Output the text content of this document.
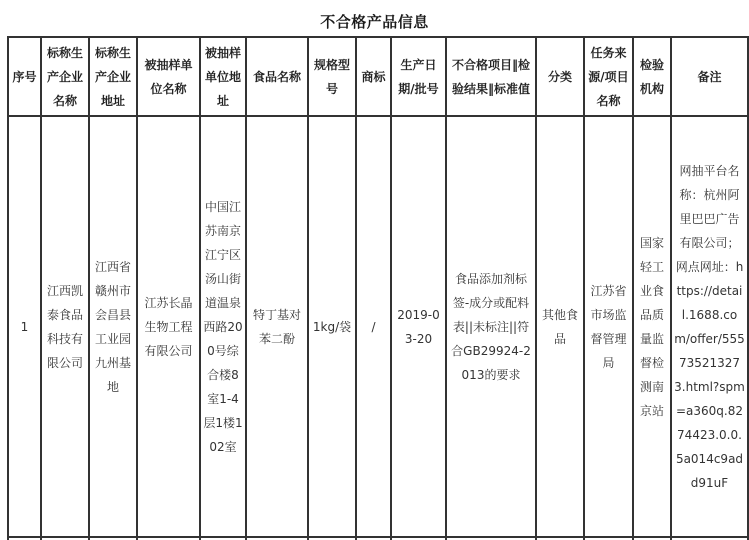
不合格产品信息
序号	标称生产企业名称	标称生产企业地址	被抽样单位名称	被抽样单位地址	食品名称	规格型号	商标	生产日期/批号	不合格项目‖检验结果‖标准值	分类	任务来源/项目名称	检验机构	备注
1	江西凯泰食品科技有限公司	江西省赣州市会昌县工业园九州基地	江苏长晶生物工程有限公司	中国江苏南京江宁区汤山街道温泉西路200号综合楼8室1-4层1楼102室	特丁基对苯二酚	1kg/袋	/	2019-03-20	食品添加剂标签-成分或配料表||未标注||符合GB29924-2013的要求	其他食品	江苏省市场监督管理局	国家轻工业食品质量监督检测南京站	网抽平台名称：杭州阿里巴巴广告有限公司；网点网址：https://detail.1688.com/offer/555735213273.html?spm=a360q.8274423.0.0.5a014c9add91uF
